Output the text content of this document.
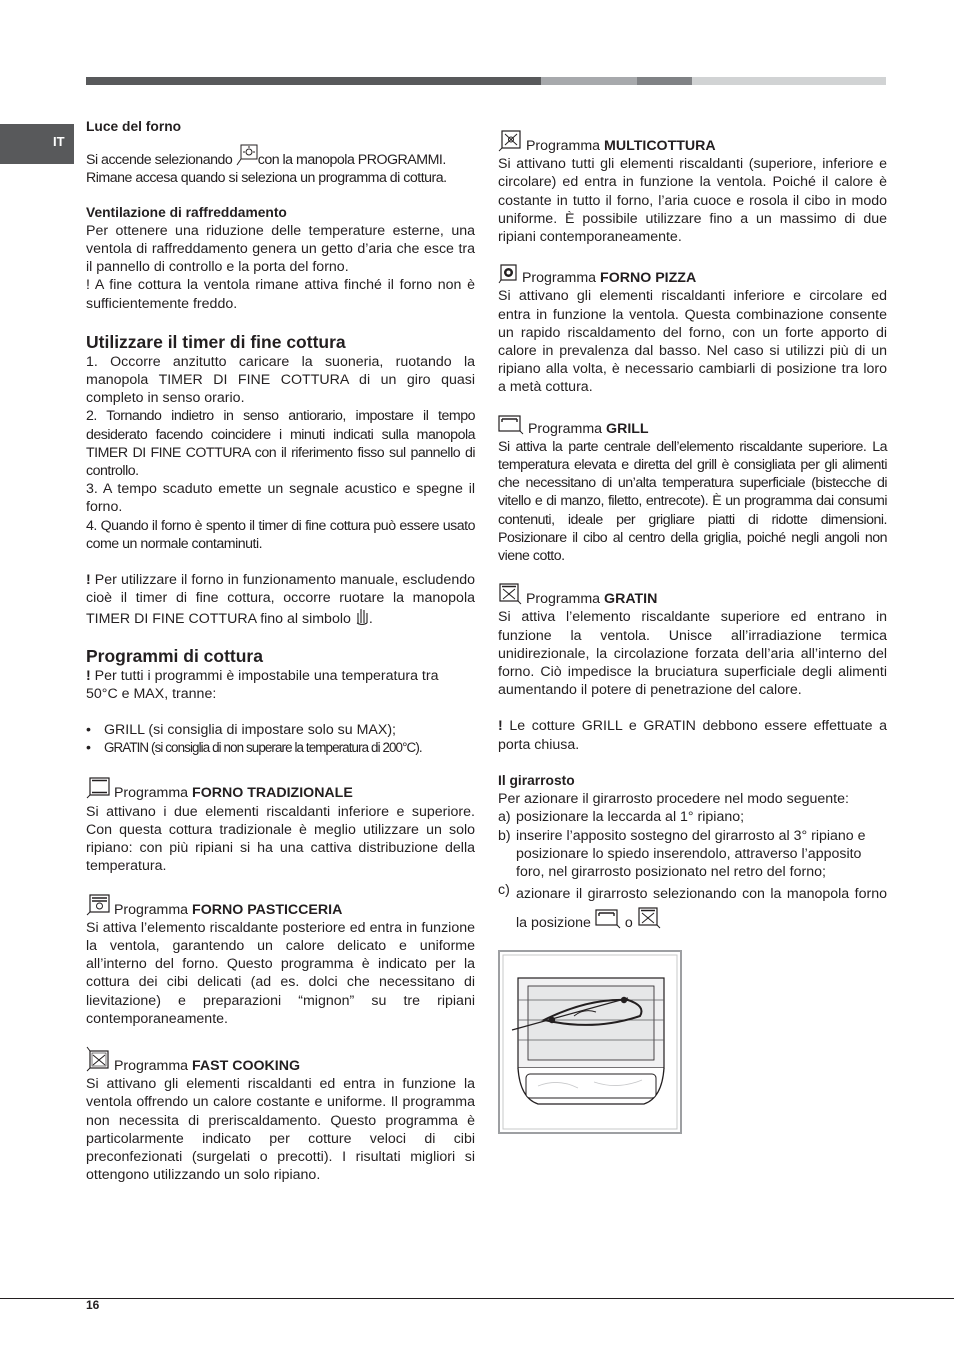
IT

Luce del forno

Si accende selezionando con la manopola PROGRAMMI.

Rimane accesa quando si seleziona un programma di cottura.

Ventilazione di raffreddamento

Per ottenere una riduzione delle temperature esterne, una ventola di raffreddamento genera un getto d’aria che esce tra il pannello di controllo e la porta del forno.

! A fine cottura la ventola rimane attiva finché il forno non è sufficientemente freddo.

Utilizzare il timer di fine cottura

1. Occorre anzitutto caricare la suoneria, ruotando la manopola TIMER DI FINE COTTURA di un giro quasi completo in senso orario.

2. Tornando indietro in senso antiorario, impostare il tempo desiderato facendo coincidere i minuti indicati sulla manopola TIMER DI FINE COTTURA con il riferimento fisso sul pannello di controllo.

3. A tempo scaduto emette un segnale acustico e spegne il forno.

4. Quando il forno è spento il timer di fine cottura può essere usato come un normale contaminuti.

! Per utilizzare il forno in funzionamento manuale, escludendo cioè il timer di fine cottura, occorre ruotare la manopola TIMER DI FINE COTTURA fino al simbolo .

Programmi di cottura

! Per tutti i programmi è impostabile una temperatura tra 50°C e MAX, tranne:

• GRILL (si consiglia di impostare solo su MAX);
• GRATIN (si consiglia di non superare la temperatura di 200°C).

Programma FORNO TRADIZIONALE

Si attivano i due elementi riscaldanti inferiore e superiore. Con questa cottura tradizionale è meglio utilizzare un solo ripiano: con più ripiani si ha una cattiva distribuzione della temperatura.

Programma FORNO PASTICCERIA

Si attiva l’elemento riscaldante posteriore ed entra in funzione la ventola, garantendo un calore delicato e uniforme all’interno del forno. Questo programma è indicato per la cottura dei cibi delicati (ad es. dolci che necessitano di lievitazione) e preparazioni “mignon” su tre ripiani contemporaneamente.

Programma FAST COOKING

Si attivano gli elementi riscaldanti ed entra in funzione la ventola offrendo un calore costante e uniforme. Il programma non necessita di preriscaldamento. Questo programma è particolarmente indicato per cotture veloci di cibi preconfezionati (surgelati o precotti). I risultati migliori si ottengono utilizzando un solo ripiano.

Programma MULTICOTTURA

Si attivano tutti gli elementi riscaldanti (superiore, inferiore e circolare) ed entra in funzione la ventola. Poiché il calore è costante in tutto il forno, l’aria cuoce e rosola il cibo in modo uniforme. È possibile utilizzare fino a un massimo di due ripiani contemporaneamente.

Programma FORNO PIZZA

Si attivano gli elementi riscaldanti inferiore e circolare ed entra in funzione la ventola. Questa combinazione consente un rapido riscaldamento del forno, con un forte apporto di calore in prevalenza dal basso. Nel caso si utilizzi più di un ripiano alla volta, è necessario cambiarli di posizione tra loro a metà cottura.

Programma GRILL

Si attiva la parte centrale dell’elemento riscaldante superiore. La temperatura elevata e diretta del grill è consigliata per gli alimenti che necessitano di un’alta temperatura superficiale (bistecche di vitello e di manzo, filetto, entrecote). È un programma dai consumi contenuti, ideale per grigliare piatti di ridotte dimensioni. Posizionare il cibo al centro della griglia, poiché negli angoli non viene cotto.

Programma GRATIN

Si attiva l’elemento riscaldante superiore ed entrano in funzione la ventola. Unisce all’irradiazione termica unidirezionale, la circolazione forzata dell’aria all’interno del forno. Ciò impedisce la bruciatura superficiale degli alimenti aumentando il potere di penetrazione del calore.

! Le cotture GRILL e GRATIN debbono essere effettuate a porta chiusa.

Il girarrosto

Per azionare il girarrosto procedere nel modo seguente:

a) posizionare la leccarda al 1° ripiano;
b) inserire l’apposito sostegno del girarrosto al 3° ripiano e posizionare lo spiedo inserendolo, attraverso l’apposito foro, nel girarrosto posizionato nel retro del forno;
c) azionare il girarrosto selezionando con la manopola forno la posizione o
16
